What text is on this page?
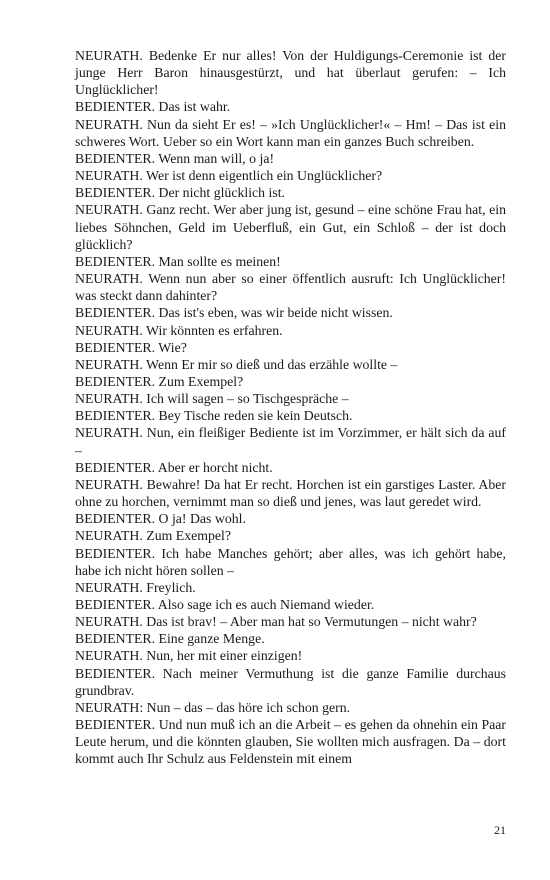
NEURATH. Bedenke Er nur alles! Von der Huldigungs-Ceremonie ist der junge Herr Baron hinausgestürzt, und hat überlaut gerufen: – Ich Unglücklicher!

BEDIENTER. Das ist wahr.

NEURATH. Nun da sieht Er es! – »Ich Unglücklicher!« – Hm! – Das ist ein schweres Wort. Ueber so ein Wort kann man ein ganzes Buch schreiben.

BEDIENTER. Wenn man will, o ja!

NEURATH. Wer ist denn eigentlich ein Unglücklicher?

BEDIENTER. Der nicht glücklich ist.

NEURATH. Ganz recht. Wer aber jung ist, gesund – eine schöne Frau hat, ein liebes Söhnchen, Geld im Ueberfluß, ein Gut, ein Schloß – der ist doch glücklich?

BEDIENTER. Man sollte es meinen!

NEURATH. Wenn nun aber so einer öffentlich ausruft: Ich Unglücklicher! was steckt dann dahinter?

BEDIENTER. Das ist's eben, was wir beide nicht wissen.

NEURATH. Wir könnten es erfahren.

BEDIENTER. Wie?

NEURATH. Wenn Er mir so dieß und das erzähle wollte –

BEDIENTER. Zum Exempel?

NEURATH. Ich will sagen – so Tischgespräche –

BEDIENTER. Bey Tische reden sie kein Deutsch.

NEURATH. Nun, ein fleißiger Bediente ist im Vorzimmer, er hält sich da auf –

BEDIENTER. Aber er horcht nicht.

NEURATH. Bewahre! Da hat Er recht. Horchen ist ein garstiges Laster. Aber ohne zu horchen, vernimmt man so dieß und jenes, was laut geredet wird.

BEDIENTER. O ja! Das wohl.

NEURATH. Zum Exempel?

BEDIENTER. Ich habe Manches gehört; aber alles, was ich gehört habe, habe ich nicht hören sollen –

NEURATH. Freylich.

BEDIENTER. Also sage ich es auch Niemand wieder.

NEURATH. Das ist brav! – Aber man hat so Vermutungen – nicht wahr?

BEDIENTER. Eine ganze Menge.

NEURATH. Nun, her mit einer einzigen!

BEDIENTER. Nach meiner Vermuthung ist die ganze Familie durchaus grundbrav.

NEURATH: Nun – das – das höre ich schon gern.

BEDIENTER. Und nun muß ich an die Arbeit – es gehen da ohnehin ein Paar Leute herum, und die könnten glauben, Sie wollten mich ausfragen. Da – dort kommt auch Ihr Schulz aus Feldenstein mit einem

21
